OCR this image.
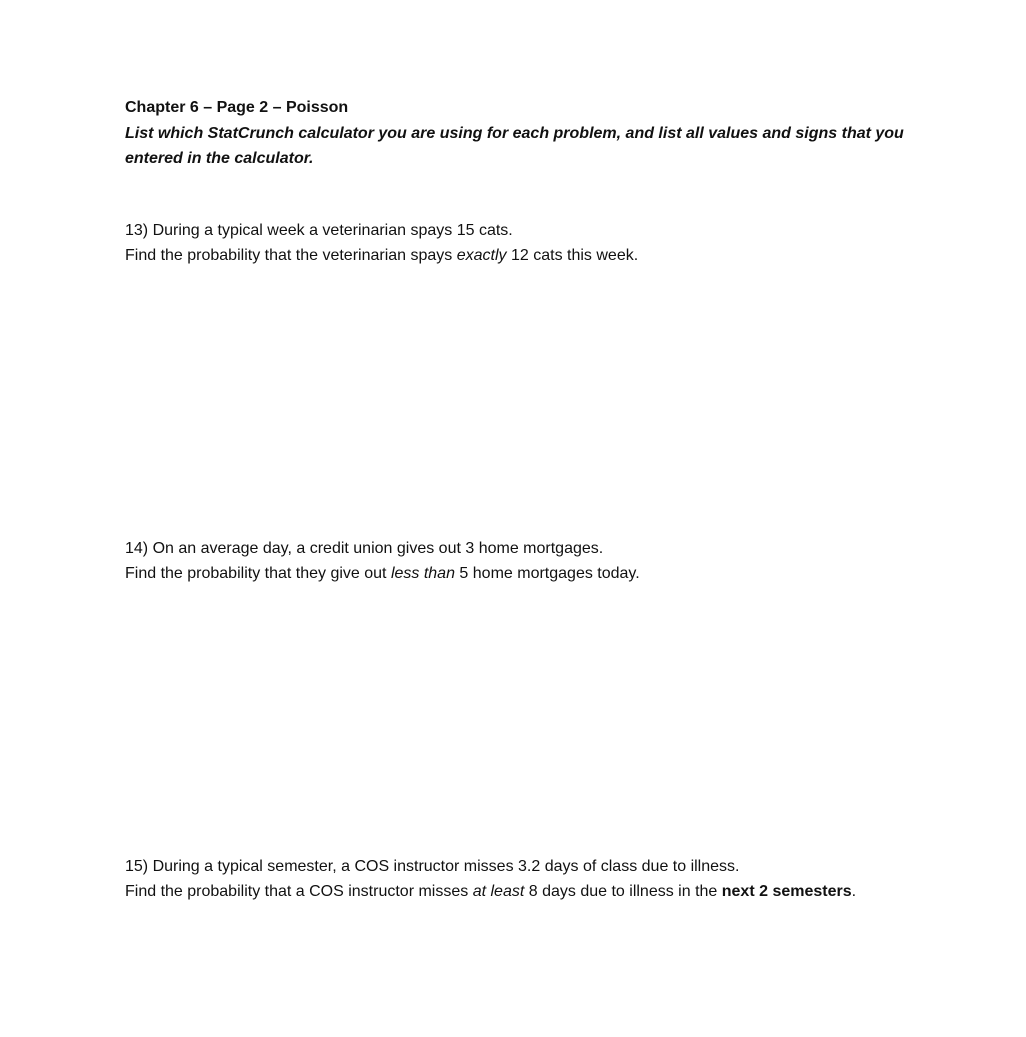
Chapter 6 – Page 2 – Poisson
List which StatCrunch calculator you are using for each problem, and list all values and signs that you entered in the calculator.

13) During a typical week a veterinarian spays 15 cats.

Find the probability that the veterinarian spays exactly 12 cats this week.

14) On an average day, a credit union gives out 3 home mortgages.

Find the probability that they give out less than 5 home mortgages today.

15) During a typical semester, a COS instructor misses 3.2 days of class due to illness.

Find the probability that a COS instructor misses at least 8 days due to illness in the next 2 semesters.
